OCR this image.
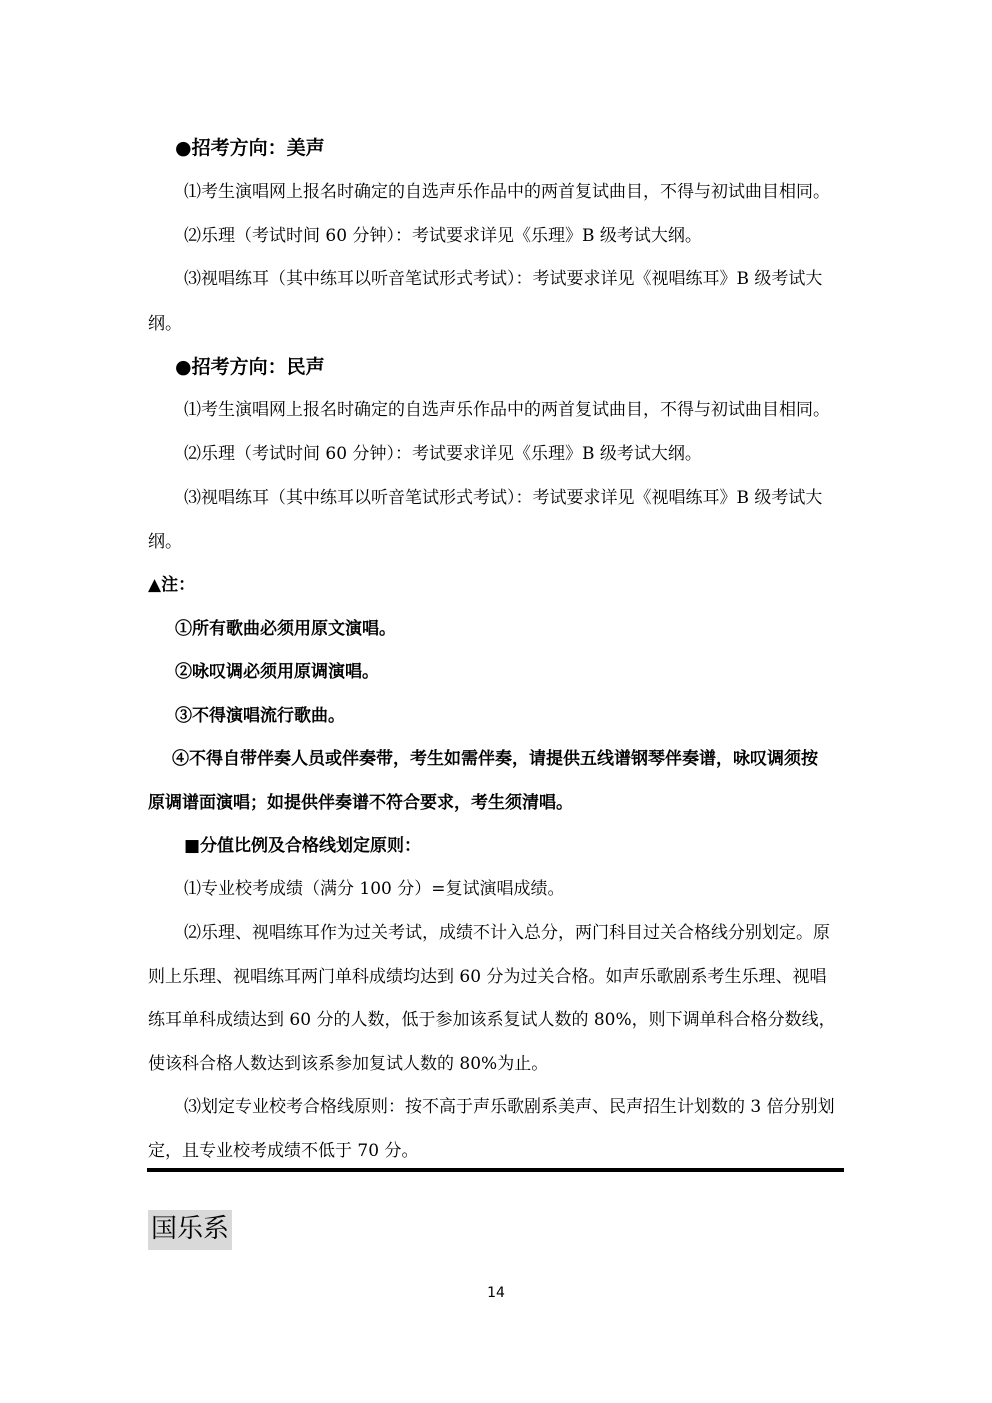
●招考方向：美声
⑴考生演唱网上报名时确定的自选声乐作品中的两首复试曲目，不得与初试曲目相同。
⑵乐理（考试时间 60 分钟）：考试要求详见《乐理》B 级考试大纲。
⑶视唱练耳（其中练耳以听音笔试形式考试）：考试要求详见《视唱练耳》B 级考试大
纲。
●招考方向：民声
⑴考生演唱网上报名时确定的自选声乐作品中的两首复试曲目，不得与初试曲目相同。
⑵乐理（考试时间 60 分钟）：考试要求详见《乐理》B 级考试大纲。
⑶视唱练耳（其中练耳以听音笔试形式考试）：考试要求详见《视唱练耳》B 级考试大
纲。
▲注：
①所有歌曲必须用原文演唱。
②咏叹调必须用原调演唱。
③不得演唱流行歌曲。
④不得自带伴奏人员或伴奏带，考生如需伴奏，请提供五线谱钢琴伴奏谱，咏叹调须按
原调谱面演唱；如提供伴奏谱不符合要求，考生须清唱。
■分值比例及合格线划定原则：
⑴专业校考成绩（满分 100 分）=复试演唱成绩。
⑵乐理、视唱练耳作为过关考试，成绩不计入总分，两门科目过关合格线分别划定。原
则上乐理、视唱练耳两门单科成绩均达到 60 分为过关合格。如声乐歌剧系考生乐理、视唱
练耳单科成绩达到 60 分的人数，低于参加该系复试人数的 80%，则下调单科合格分数线，
使该科合格人数达到该系参加复试人数的 80%为止。
⑶划定专业校考合格线原则：按不高于声乐歌剧系美声、民声招生计划数的 3 倍分别划
定，且专业校考成绩不低于 70 分。
国乐系
14
